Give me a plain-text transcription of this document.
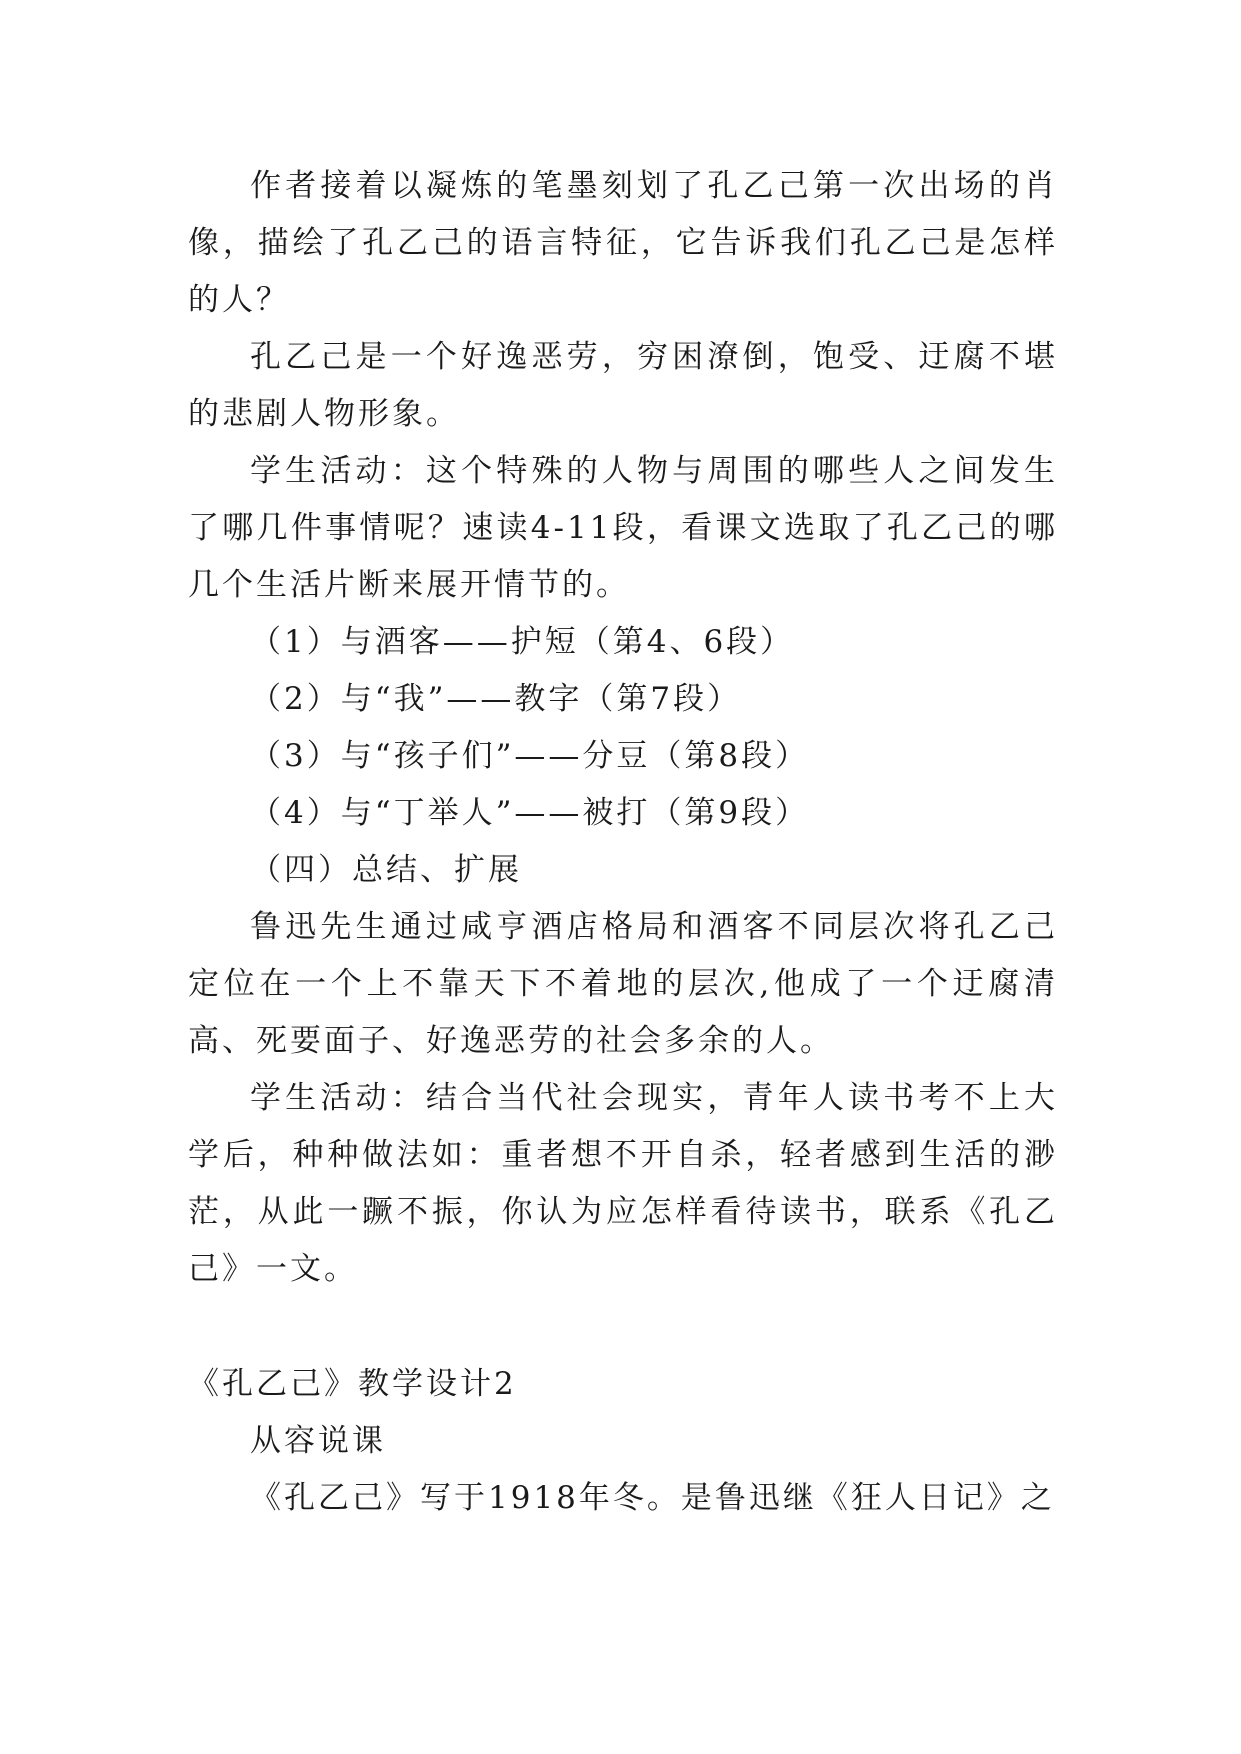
作者接着以凝炼的笔墨刻划了孔乙己第一次出场的肖像，描绘了孔乙己的语言特征，它告诉我们孔乙己是怎样的人？

孔乙己是一个好逸恶劳，穷困潦倒，饱受、迂腐不堪的悲剧人物形象。

学生活动：这个特殊的人物与周围的哪些人之间发生了哪几件事情呢？速读4-11段，看课文选取了孔乙己的哪几个生活片断来展开情节的。

（1）与酒客——护短（第4、6段）

（2）与“我”——教字（第7段）

（3）与“孩子们”——分豆（第8段）

（4）与“丁举人”——被打（第9段）

（四）总结、扩展

鲁迅先生通过咸亨酒店格局和酒客不同层次将孔乙己定位在一个上不靠天下不着地的层次,他成了一个迂腐清高、死要面子、好逸恶劳的社会多余的人。

学生活动：结合当代社会现实，青年人读书考不上大学后，种种做法如：重者想不开自杀，轻者感到生活的渺茫，从此一蹶不振，你认为应怎样看待读书，联系《孔乙己》一文。

《孔乙己》教学设计2

从容说课

《孔乙己》写于1918年冬。是鲁迅继《狂人日记》之
